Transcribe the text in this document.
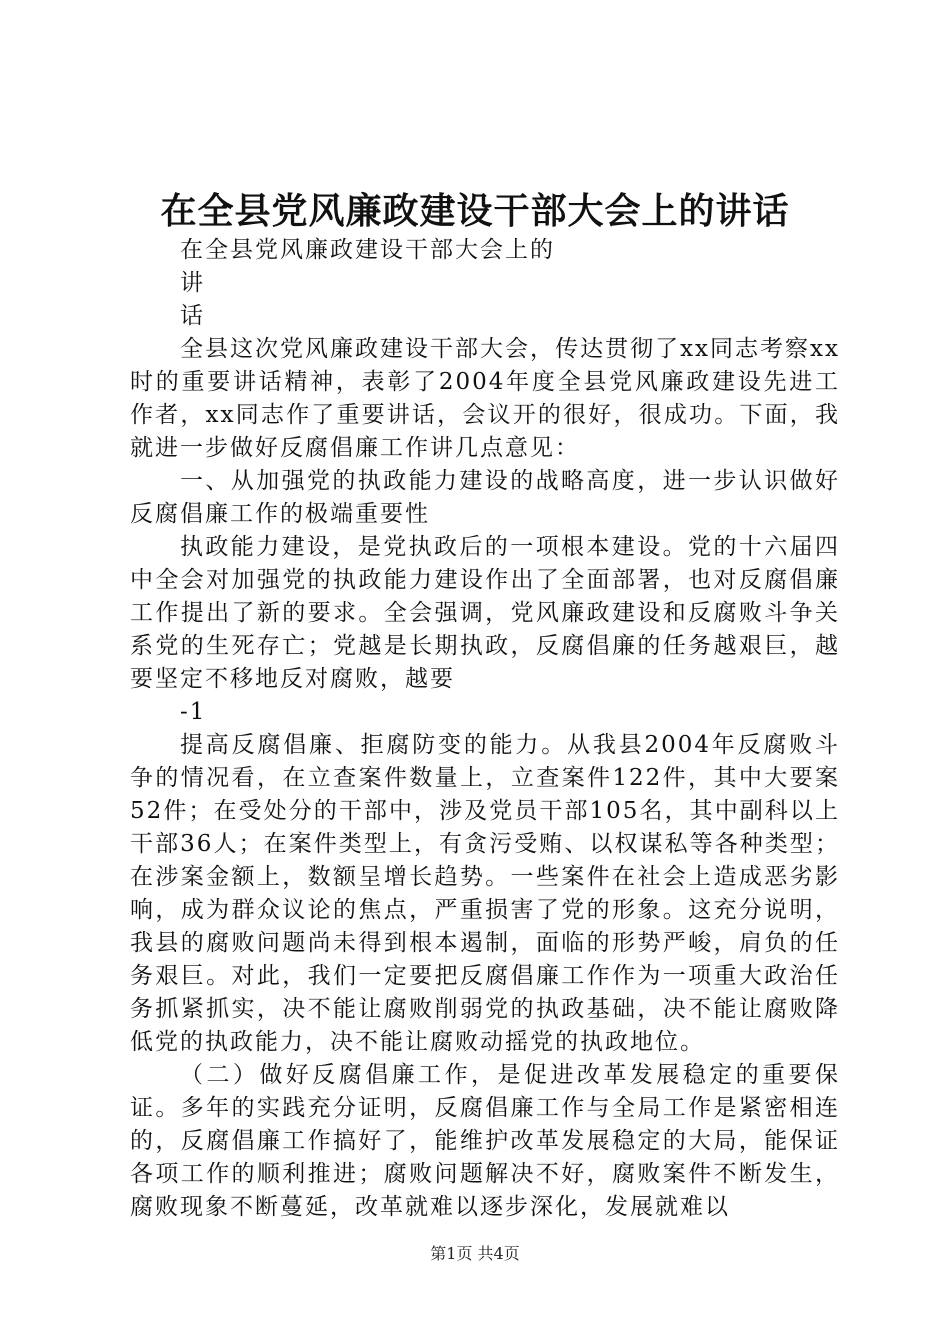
在全县党风廉政建设干部大会上的讲话

在全县党风廉政建设干部大会上的

讲

话

全县这次党风廉政建设干部大会，传达贯彻了xx同志考察xx时的重要讲话精神，表彰了2004年度全县党风廉政建设先进工作者，xx同志作了重要讲话，会议开的很好，很成功。下面，我就进一步做好反腐倡廉工作讲几点意见：

一、从加强党的执政能力建设的战略高度，进一步认识做好反腐倡廉工作的极端重要性

执政能力建设，是党执政后的一项根本建设。党的十六届四中全会对加强党的执政能力建设作出了全面部署，也对反腐倡廉工作提出了新的要求。全会强调，党风廉政建设和反腐败斗争关系党的生死存亡；党越是长期执政，反腐倡廉的任务越艰巨，越要坚定不移地反对腐败，越要

-1

提高反腐倡廉、拒腐防变的能力。从我县2004年反腐败斗争的情况看，在立查案件数量上，立查案件122件，其中大要案52件；在受处分的干部中，涉及党员干部105名，其中副科以上干部36人；在案件类型上，有贪污受贿、以权谋私等各种类型；在涉案金额上，数额呈增长趋势。一些案件在社会上造成恶劣影响，成为群众议论的焦点，严重损害了党的形象。这充分说明，我县的腐败问题尚未得到根本遏制，面临的形势严峻，肩负的任务艰巨。对此，我们一定要把反腐倡廉工作作为一项重大政治任务抓紧抓实，决不能让腐败削弱党的执政基础，决不能让腐败降低党的执政能力，决不能让腐败动摇党的执政地位。

（二）做好反腐倡廉工作，是促进改革发展稳定的重要保证。多年的实践充分证明，反腐倡廉工作与全局工作是紧密相连的，反腐倡廉工作搞好了，能维护改革发展稳定的大局，能保证各项工作的顺利推进；腐败问题解决不好，腐败案件不断发生，腐败现象不断蔓延，改革就难以逐步深化，发展就难以

第1页 共4页
